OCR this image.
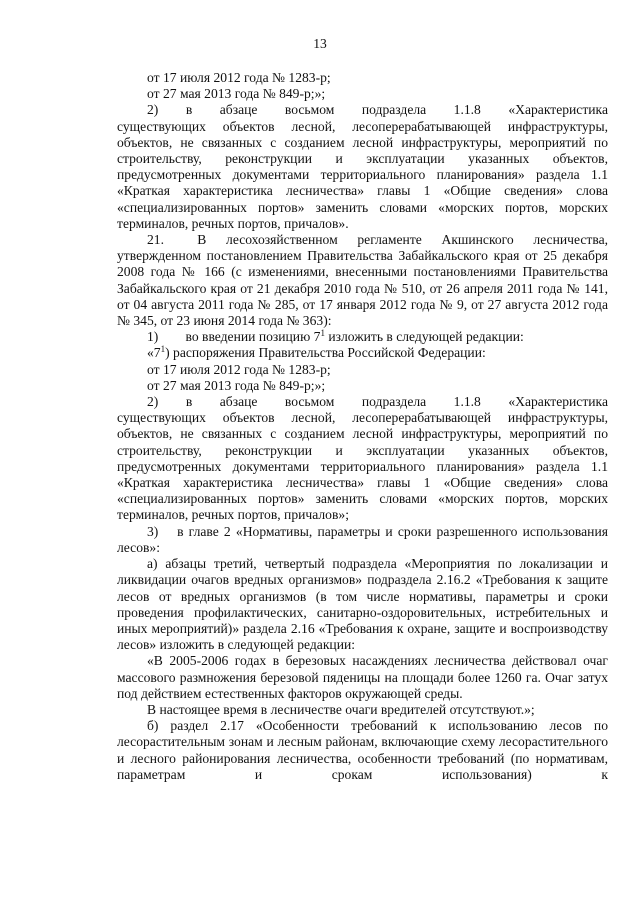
13

от 17 июля 2012 года № 1283-р;

от 27 мая 2013 года № 849-р;»;

2)  в  абзаце  восьмом  подраздела  1.1.8  «Характеристика существующих объектов лесной, лесоперерабатывающей инфраструктуры, объектов, не связанных с созданием лесной инфраструктуры, мероприятий по строительству, реконструкции и эксплуатации указанных объектов, предусмотренных документами территориального планирования» раздела 1.1 «Краткая характеристика лесничества» главы 1 «Общие сведения» слова «специализированных портов» заменить словами «морских портов, морских терминалов, речных портов, причалов».

21.  В лесохозяйственном регламенте Акшинского лесничества, утвержденном постановлением Правительства Забайкальского края от 25 декабря 2008 года № 166 (с изменениями, внесенными постановлениями Правительства Забайкальского края от 21 декабря 2010 года № 510, от 26 апреля 2011 года № 141, от 04 августа 2011 года № 285, от 17 января 2012 года № 9, от 27 августа 2012 года № 345, от 23 июня 2014 года № 363):

1)  во введении позицию $7^1$ изложить в следующей редакции:

«$7^1$) распоряжения Правительства Российской Федерации:

от 17 июля 2012 года № 1283-р;

от 27 мая 2013 года № 849-р;»;

2)  в  абзаце  восьмом  подраздела  1.1.8  «Характеристика существующих объектов лесной, лесоперерабатывающей инфраструктуры, объектов, не связанных с созданием лесной инфраструктуры, мероприятий по строительству, реконструкции и эксплуатации указанных объектов, предусмотренных документами территориального планирования» раздела 1.1 «Краткая характеристика лесничества» главы 1 «Общие сведения» слова «специализированных портов» заменить словами «морских портов, морских терминалов, речных портов, причалов»;

3)  в главе 2 «Нормативы, параметры и сроки разрешенного использования лесов»:

а) абзацы третий, четвертый подраздела «Мероприятия по локализации и ликвидации очагов вредных организмов» подраздела 2.16.2 «Требования к защите лесов от вредных организмов (в том числе нормативы, параметры и сроки проведения профилактических, санитарно-оздоровительных, истребительных и иных мероприятий)» раздела 2.16 «Требования к охране, защите и воспроизводству лесов» изложить в следующей редакции:

«В 2005-2006 годах в березовых насаждениях лесничества действовал очаг массового размножения березовой пяденицы на площади более 1260 га. Очаг затух под действием естественных факторов окружающей среды.

В настоящее время в лесничестве очаги вредителей отсутствуют.»;

б) раздел 2.17 «Особенности требований к использованию лесов по лесорастительным зонам и лесным районам, включающие схему лесорастительного и лесного районирования лесничества, особенности требований (по нормативам, параметрам и срокам использования) к
